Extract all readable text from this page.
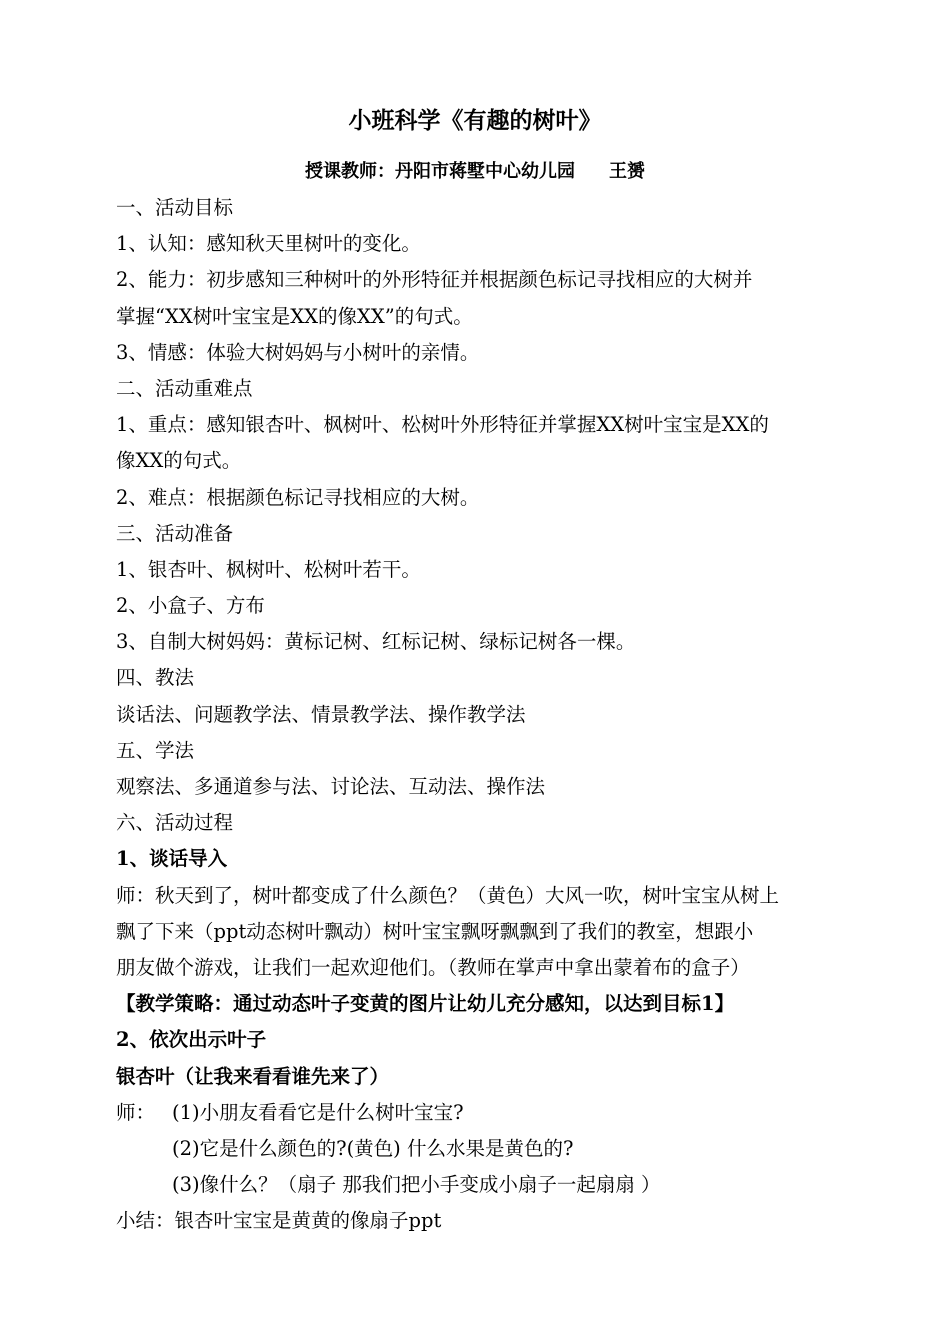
小班科学《有趣的树叶》
授课教师：丹阳市蒋墅中心幼儿园 王赟
一、活动目标
1、认知：感知秋天里树叶的变化。
2、能力：初步感知三种树叶的外形特征并根据颜色标记寻找相应的大树并
掌握“XX树叶宝宝是XX的像XX”的句式。
3、情感：体验大树妈妈与小树叶的亲情。
二、活动重难点
1、重点：感知银杏叶、枫树叶、松树叶外形特征并掌握XX树叶宝宝是XX的
像XX的句式。
2、难点：根据颜色标记寻找相应的大树。
三、活动准备
1、银杏叶、枫树叶、松树叶若干。
2、小盒子、方布
3、自制大树妈妈：黄标记树、红标记树、绿标记树各一棵。
四、教法
谈话法、问题教学法、情景教学法、操作教学法
五、学法
观察法、多通道参与法、讨论法、互动法、操作法
六、活动过程
1、谈话导入
师：秋天到了，树叶都变成了什么颜色？（黄色）大风一吹，树叶宝宝从树上
飘了下来（ppt动态树叶飘动）树叶宝宝飘呀飘飘到了我们的教室，想跟小
朋友做个游戏，让我们一起欢迎他们。（教师在掌声中拿出蒙着布的盒子）
【教学策略：通过动态叶子变黄的图片让幼儿充分感知，以达到目标1】
2、依次出示叶子
银杏叶（让我来看看谁先来了）
师： (1)小朋友看看它是什么树叶宝宝?
(2)它是什么颜色的?(黄色) 什么水果是黄色的?
(3)像什么？（扇子 那我们把小手变成小扇子一起扇扇 ）
小结：银杏叶宝宝是黄黄的像扇子ppt
